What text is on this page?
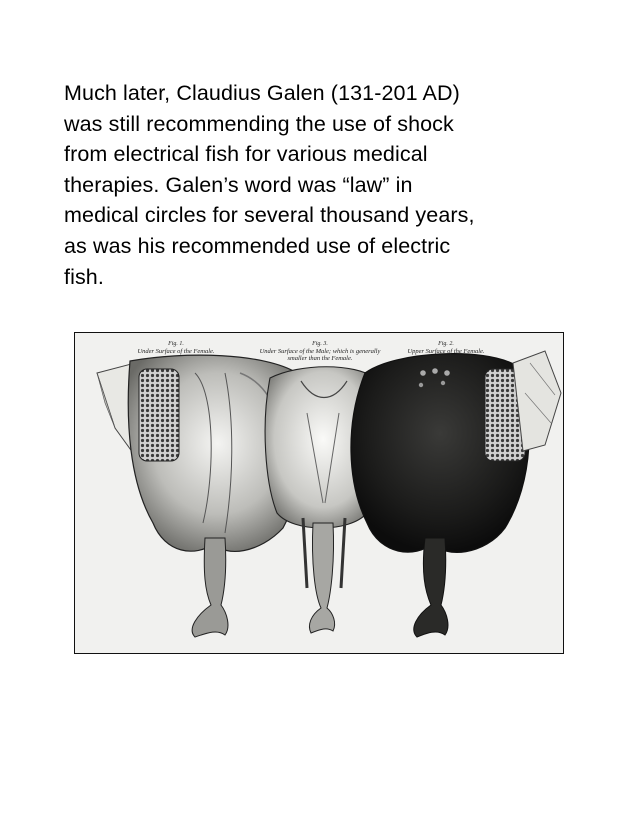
Much later, Claudius Galen (131-201 AD)
was still recommending the use of shock
from electrical fish for various medical
therapies. Galen’s word was “law” in
medical circles for several thousand years,
as was his recommended use of electric
fish.
Fig. 1.
Under Surface of the Female.
Fig. 3.
Under Surface of the Male; which is generally smaller than the Female.
Fig. 2.
Upper Surface of the Female.
